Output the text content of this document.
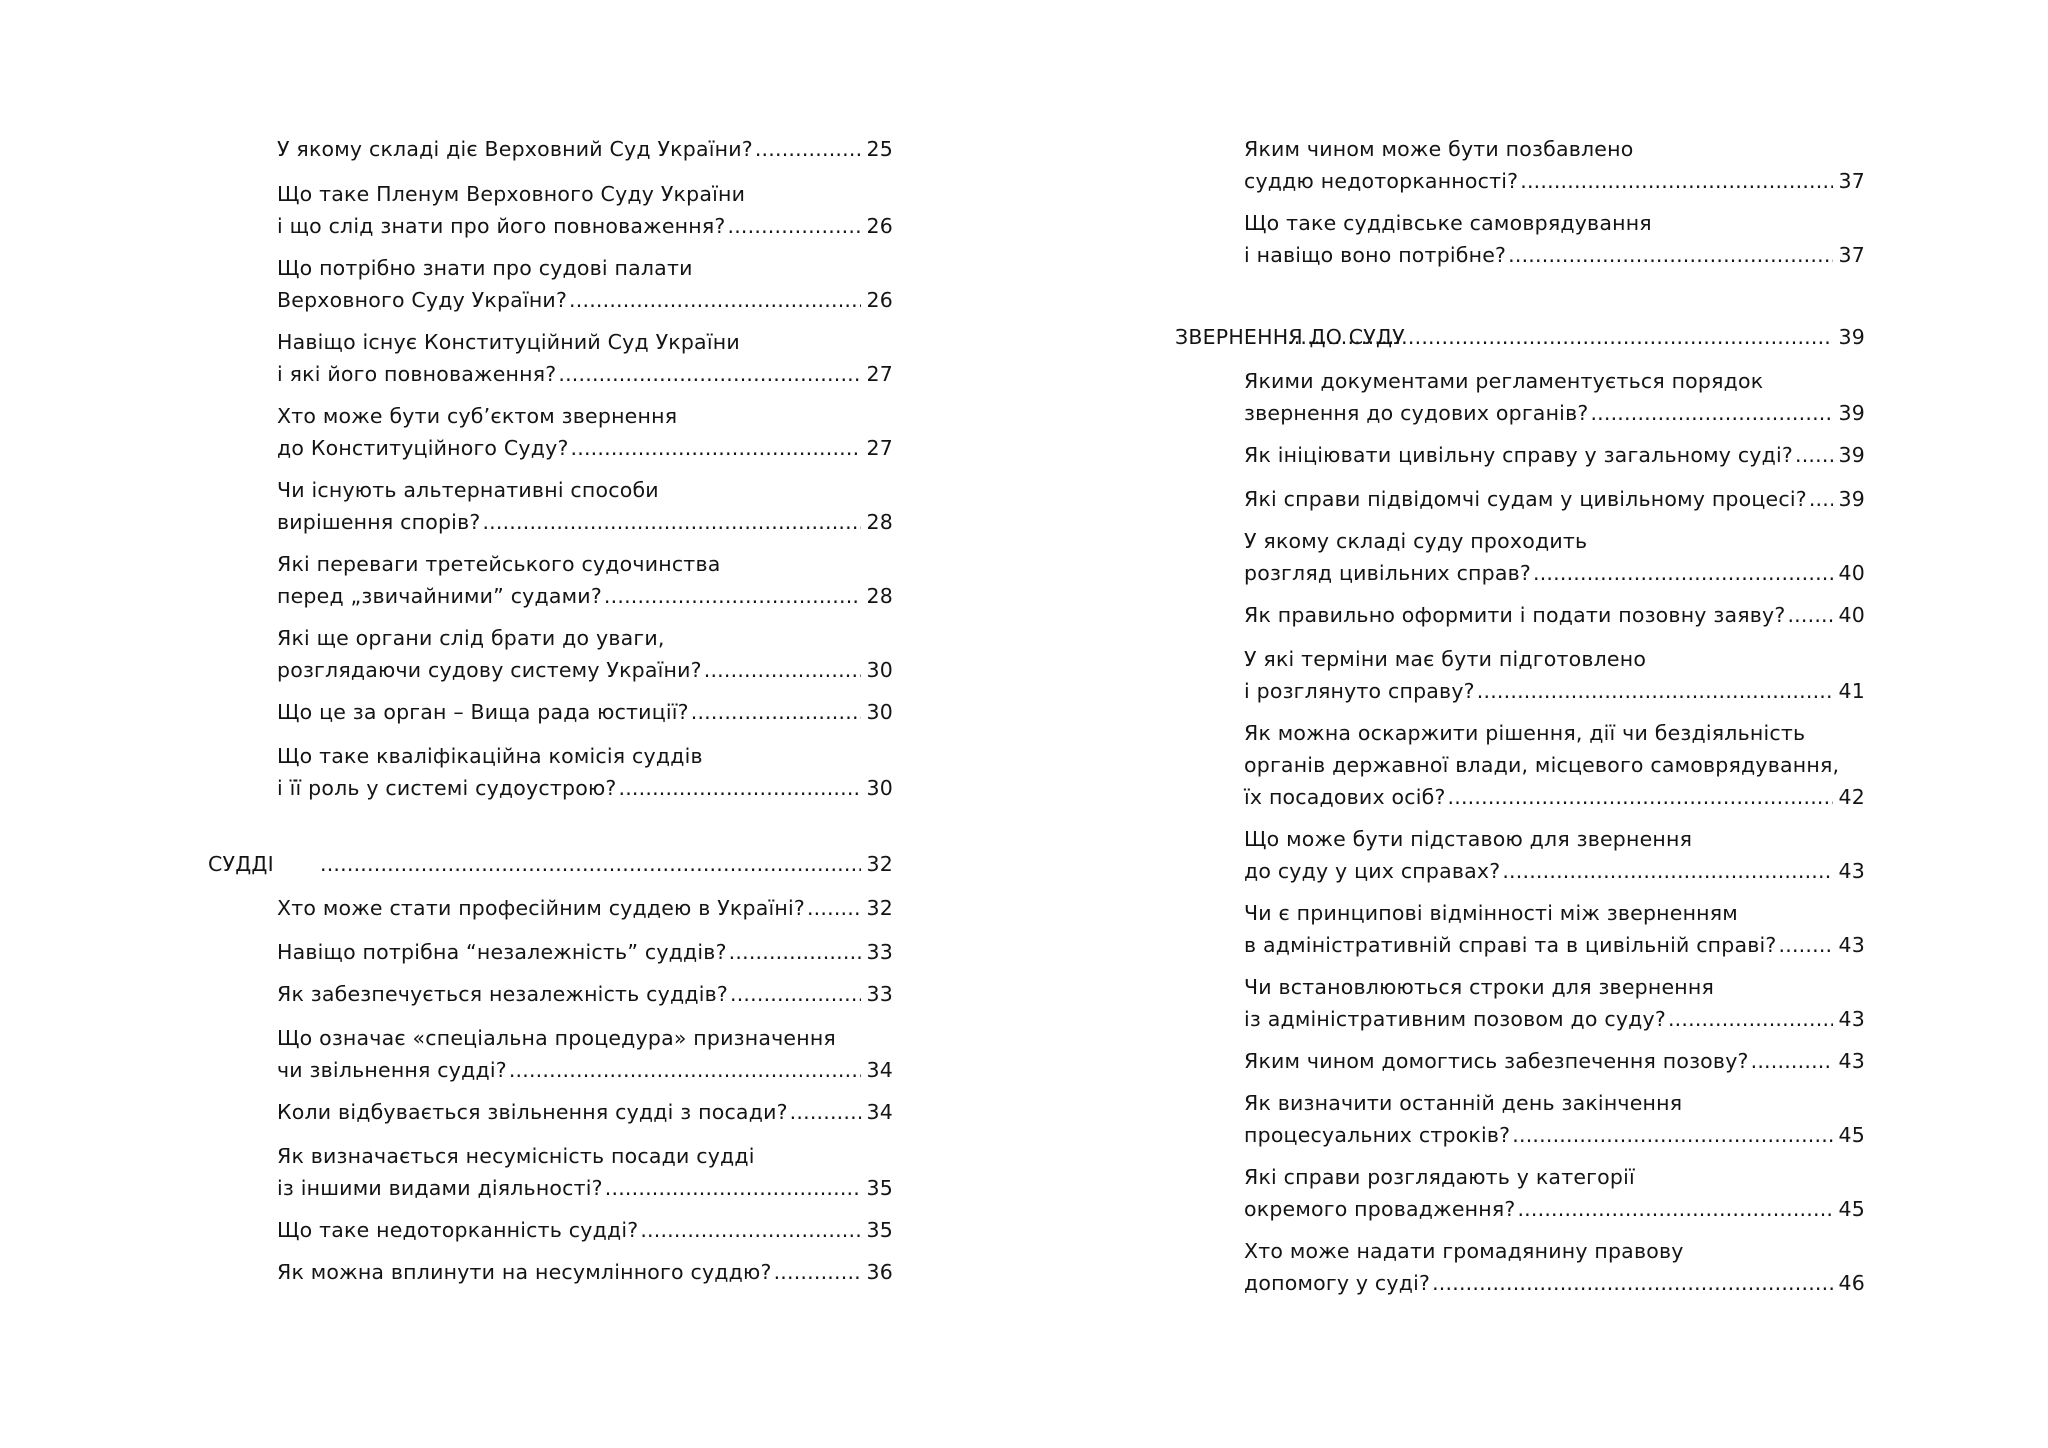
У якому складі діє Верховний Суд України? .....	25
Що таке Пленум Верховного Суду України
і що слід знати про його повноваження? .....	26
Що потрібно знати про судові палати
Верховного Суду України? .....	26
Навіщо існує Конституційний Суд України
і які його повноваження? .....	27
Хто може бути суб’єктом звернення
до Конституційного Суду? .....	27
Чи існують альтернативні способи
вирішення спорів? .....	28
Які переваги третейського судочинства
перед „звичайними” судами? .....	28
Які ще органи слід брати до уваги,
розглядаючи судову систему України? .....	30
Що це за орган – Вища рада юстиції? .....	30
Що таке кваліфікаційна комісія суддів
і її роль у системі судоустрою? .....	30
СУДДІ .....	32
Хто може стати професійним суддею в Україні? .....	32
Навіщо потрібна “незалежність” суддів? .....	33
Як забезпечується незалежність суддів? .....	33
Що означає «спеціальна процедура» призначення
чи звільнення судді? .....	34
Коли відбувається звільнення судді з посади? .....	34
Як визначається несумісність посади судді
із іншими видами діяльності? .....	35
Що таке недоторканність судді? .....	35
Як можна вплинути на несумлінного суддю? .....	36
Яким чином може бути позбавлено
суддю недоторканності? .....	37
Що таке суддівське самоврядування
і навіщо воно потрібне? .....	37
ЗВЕРНЕННЯ ДО СУДУ .....	39
Якими документами регламентується порядок
звернення до судових органів? .....	39
Як ініціювати цивільну справу у загальному суді? ..... 39
Які справи підвідомчі судам у цивільному процесі? ..... 39
У якому складі суду проходить
розгляд цивільних справ? .....	40
Як правильно оформити і подати позовну заяву? .....	40
У які терміни має бути підготовлено
і розглянуто справу? .....	41
Як можна оскаржити рішення, дії чи бездіяльність
органів державної влади, місцевого самоврядування,
їх посадових осіб? .....	42
Що може бути підставою для звернення
до суду у цих справах? .....	43
Чи є принципові відмінності між зверненням
в адміністративній справі та в цивільній справі? .....	43
Чи встановлюються строки для звернення
із адміністративним позовом до суду? .....	43
Яким чином домогтись забезпечення позову? .....	43
Як визначити останній день закінчення
процесуальних строків? .....	45
Які справи розглядають у категорії
окремого провадження? .....	45
Хто може надати громадянину правову
допомогу у суді? .....	46
